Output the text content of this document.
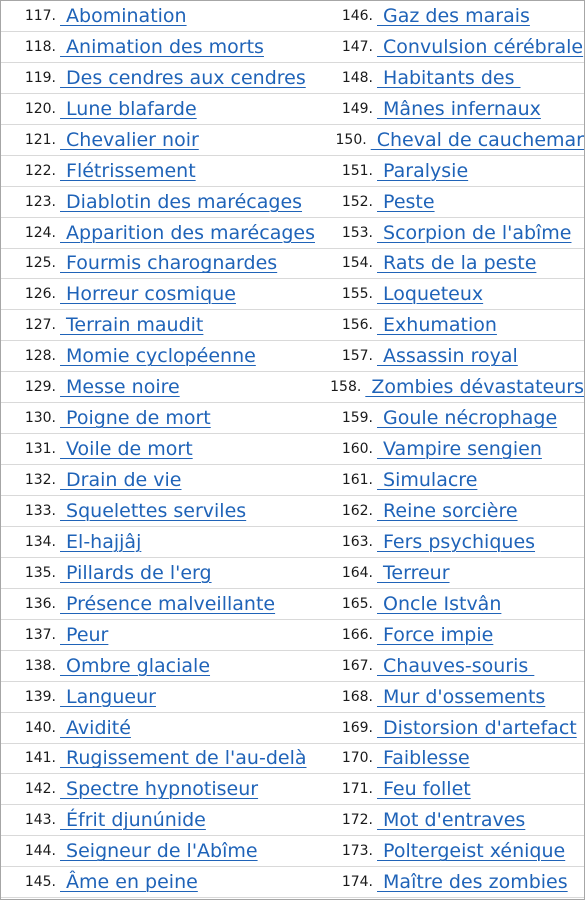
117. Abomination
118. Animation des morts
119. Des cendres aux cendres
120. Lune blafarde
121. Chevalier noir
122. Flétrissement
123. Diablotin des marécages
124. Apparition des marécages
125. Fourmis charognardes
126. Horreur cosmique
127. Terrain maudit
128. Momie cyclopéenne
129. Messe noire
130. Poigne de mort
131. Voile de mort
132. Drain de vie
133. Squelettes serviles
134. El-hajjâj
135. Pillards de l'erg
136. Présence malveillante
137. Peur
138. Ombre glaciale
139. Langueur
140. Avidité
141. Rugissement de l'au-delà
142. Spectre hypnotiseur
143. Éfrit djunúnide
144. Seigneur de l'Abîme
145. Âme en peine
146. Gaz des marais
147. Convulsion cérébrale
148. Habitants des
149. Mânes infernaux
150. Cheval de cauchemar
151. Paralysie
152. Peste
153. Scorpion de l'abîme
154. Rats de la peste
155. Loqueteux
156. Exhumation
157. Assassin royal
158. Zombies dévastateurs
159. Goule nécrophage
160. Vampire sengien
161. Simulacre
162. Reine sorcière
163. Fers psychiques
164. Terreur
165. Oncle Istvân
166. Force impie
167. Chauves-souris
168. Mur d'ossements
169. Distorsion d'artefact
170. Faiblesse
171. Feu follet
172. Mot d'entraves
173. Poltergeist xénique
174. Maître des zombies
